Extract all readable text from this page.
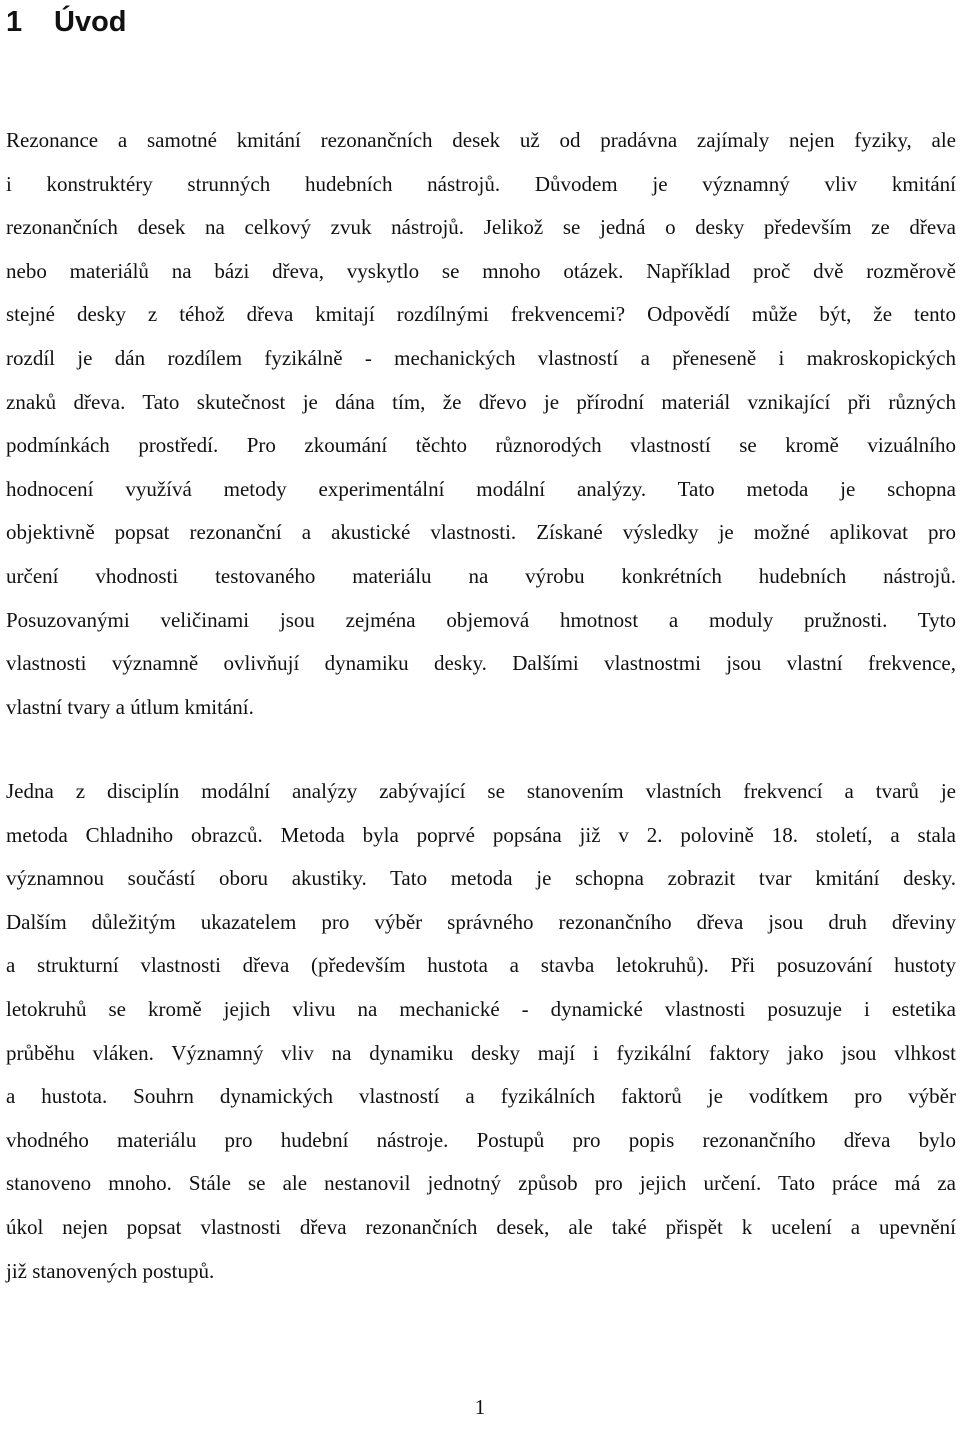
1 Úvod
Rezonance a samotné kmitání rezonančních desek už od pradávna zajímaly nejen fyziky, ale
i konstruktéry strunných hudebních nástrojů. Důvodem je významný vliv kmitání
rezonančních desek na celkový zvuk nástrojů. Jelikož se jedná o desky především ze dřeva
nebo materiálů na bázi dřeva, vyskytlo se mnoho otázek. Například proč dvě rozměrově
stejné desky z téhož dřeva kmitají rozdílnými frekvencemi? Odpovědí může být, že tento
rozdíl je dán rozdílem fyzikálně - mechanických vlastností a přeneseně i makroskopických
znaků dřeva. Tato skutečnost je dána tím, že dřevo je přírodní materiál vznikající při různých
podmínkách prostředí. Pro zkoumání těchto různorodých vlastností se kromě vizuálního
hodnocení využívá metody experimentální modální analýzy. Tato metoda je schopna
objektivně popsat rezonanční a akustické vlastnosti. Získané výsledky je možné aplikovat pro
určení vhodnosti testovaného materiálu na výrobu konkrétních hudebních nástrojů.
Posuzovanými veličinami jsou zejména objemová hmotnost a moduly pružnosti. Tyto
vlastnosti významně ovlivňují dynamiku desky. Dalšími vlastnostmi jsou vlastní frekvence,
vlastní tvary a útlum kmitání.
Jedna z disciplín modální analýzy zabývající se stanovením vlastních frekvencí a tvarů je
metoda Chladniho obrazců. Metoda byla poprvé popsána již v 2. polovině 18. století, a stala
významnou součástí oboru akustiky. Tato metoda je schopna zobrazit tvar kmitání desky.
Dalším důležitým ukazatelem pro výběr správného rezonančního dřeva jsou druh dřeviny
a strukturní vlastnosti dřeva (především hustota a stavba letokruhů). Při posuzování hustoty
letokruhů se kromě jejich vlivu na mechanické - dynamické vlastnosti posuzuje i estetika
průběhu vláken. Významný vliv na dynamiku desky mají i fyzikální faktory jako jsou vlhkost
a hustota. Souhrn dynamických vlastností a fyzikálních faktorů je vodítkem pro výběr
vhodného materiálu pro hudební nástroje. Postupů pro popis rezonančního dřeva bylo
stanoveno mnoho. Stále se ale nestanovil jednotný způsob pro jejich určení. Tato práce má za
úkol nejen popsat vlastnosti dřeva rezonančních desek, ale také přispět k ucelení a upevnění
již stanovených postupů.
1
